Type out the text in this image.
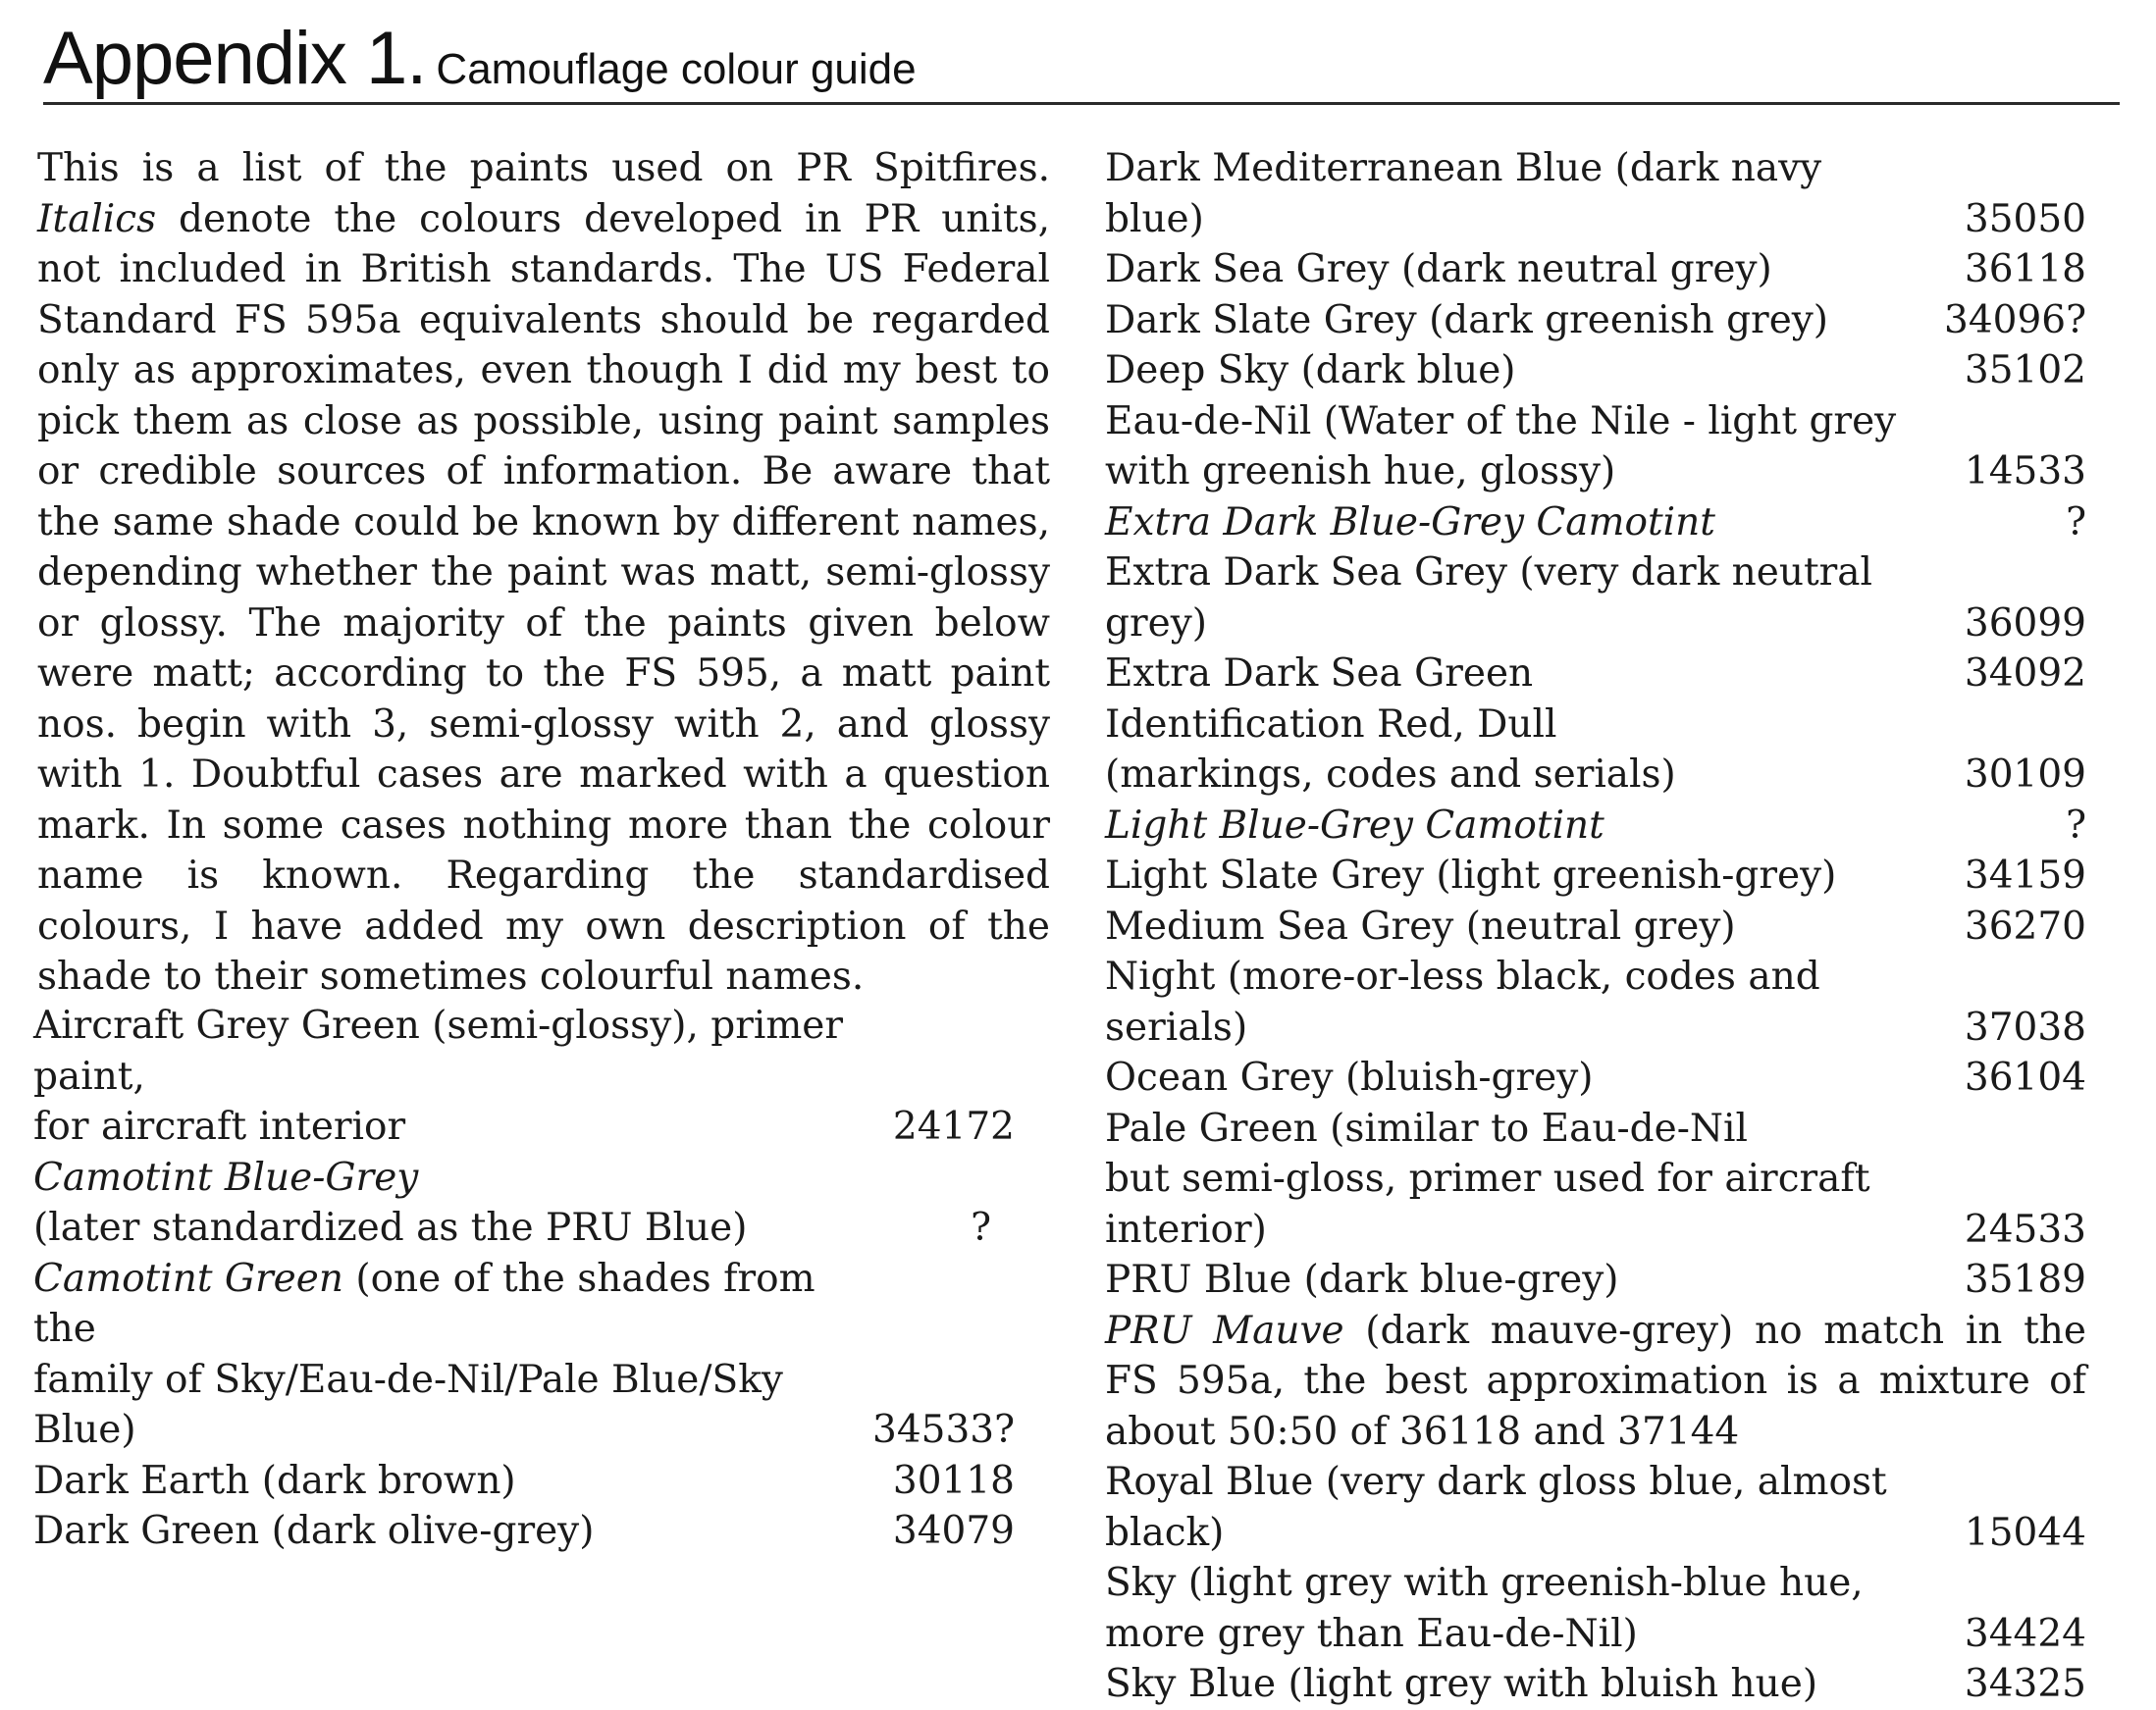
Appendix 1. Camouflage colour guide

This is a list of the paints used on PR Spitfires. Italics denote the colours developed in PR units, not included in British standards. The US Federal Standard FS 595a equivalents should be regarded only as approximates, even though I did my best to pick them as close as possible, using paint samples or credible sources of information. Be aware that the same shade could be known by different names, depending whether the paint was matt, semi-glossy or glossy. The majority of the paints given below were matt; according to the FS 595, a matt paint nos. begin with 3, semi-glossy with 2, and glossy with 1. Doubtful cases are marked with a question mark. In some cases nothing more than the colour name is known. Regarding the standardised colours, I have added my own description of the shade to their sometimes colourful names.

Aircraft Grey Green (semi-glossy), primer paint,
for aircraft interior	24172
Camotint Blue-Grey
(later standardized as the PRU Blue)	?
Camotint Green (one of the shades from the
family of Sky/Eau-de-Nil/Pale Blue/Sky Blue)	34533?
Dark Earth (dark brown)	30118
Dark Green (dark olive-grey)	34079
Dark Mediterranean Blue (dark navy blue)	35050
Dark Sea Grey (dark neutral grey)	36118
Dark Slate Grey (dark greenish grey)	34096?
Deep Sky (dark blue)	35102
Eau-de-Nil (Water of the Nile - light grey
with greenish hue, glossy)	14533
Extra Dark Blue-Grey Camotint	?
Extra Dark Sea Grey (very dark neutral grey)	36099
Extra Dark Sea Green	34092
Identification Red, Dull
(markings, codes and serials)	30109
Light Blue-Grey Camotint	?
Light Slate Grey (light greenish-grey)	34159
Medium Sea Grey (neutral grey)	36270
Night (more-or-less black, codes and serials)	37038
Ocean Grey (bluish-grey)	36104
Pale Green (similar to Eau-de-Nil
but semi-gloss, primer used for aircraft interior)	24533
PRU Blue (dark blue-grey)	35189
PRU Mauve (dark mauve-grey) no match in the FS 595a, the best approximation is a mixture of about 50:50 of 36118 and 37144
Royal Blue (very dark gloss blue, almost black)	15044
Sky (light grey with greenish-blue hue,
more grey than Eau-de-Nil)	34424
Sky Blue (light grey with bluish hue)	34325
